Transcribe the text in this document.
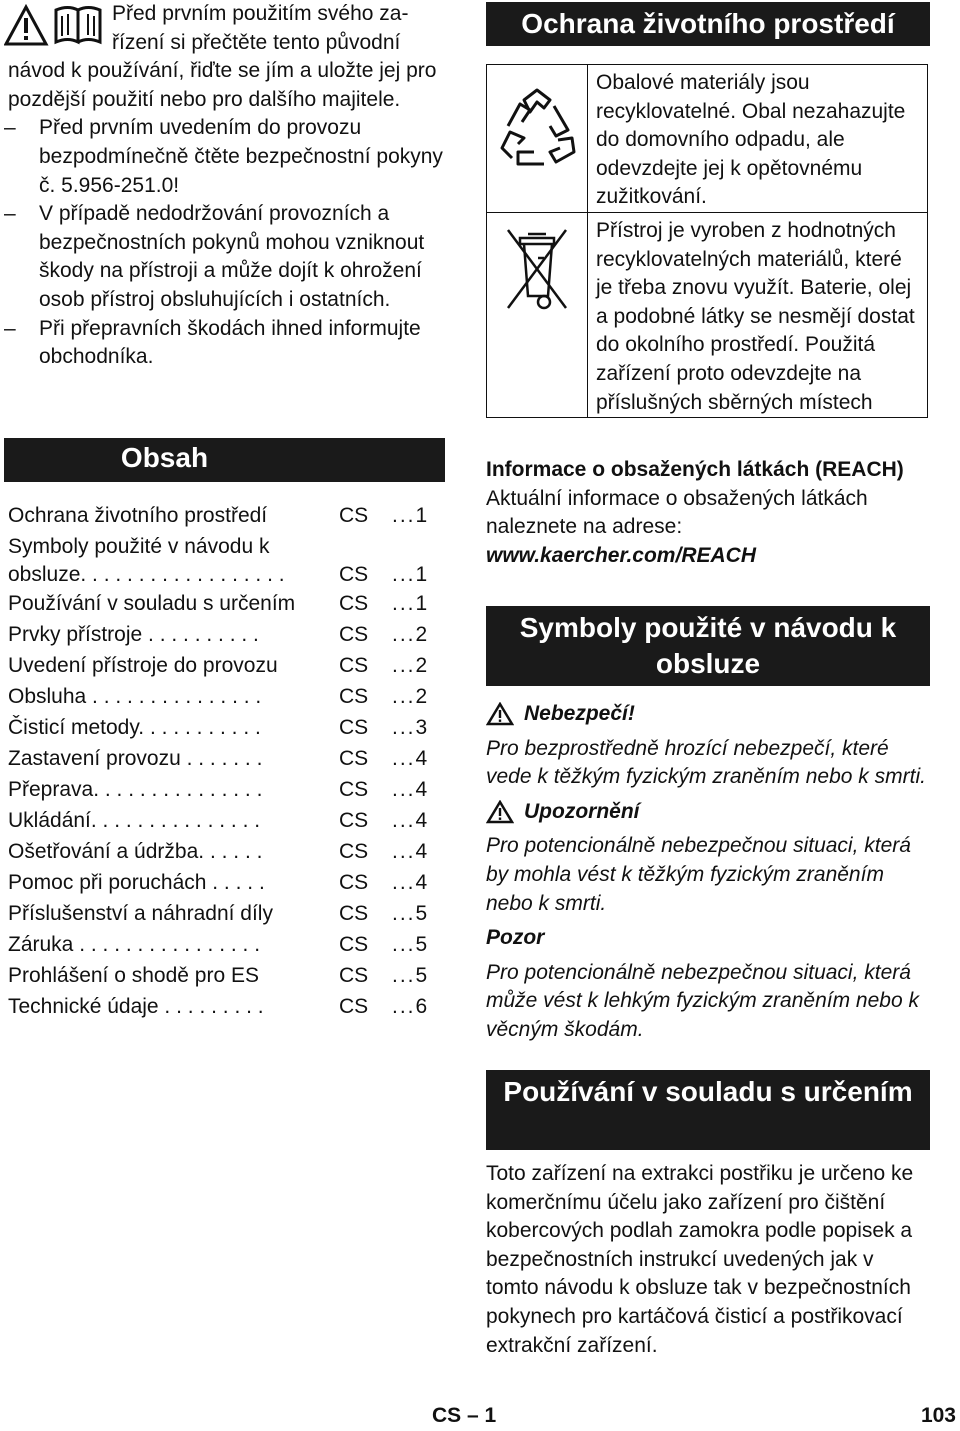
Před prvním použitím svého za-
řízení si přečtěte tento původní

návod k používání, řiďte se jím a uložte jej pro pozdější použití nebo pro dalšího majitele.

– Před prvním uvedením do provozu bezpodmínečně čtěte bezpečnostní pokyny č. 5.956-251.0!
– V případě nedodržování provozních a bezpečnostních pokynů mohou vzniknout škody na přístroji a může dojít k ohrožení osob přístroj obsluhujících i ostatních.
– Při přepravních škodách ihned informujte obchodníka.
Obsah
Ochrana životního prostředí	CS ...1
Symboly použité v návodu k obsluze. . . . . . . . . . . . . . . . . .	CS ...1
Používání v souladu s určením CS ...1
Prvky přístroje . . . . . . . . . .	CS ...2
Uvedení přístroje do provozu	CS ...2
Obsluha . . . . . . . . . . . . . . .	CS ...2
Čisticí metody. . . . . . . . . . .	CS ...3
Zastavení provozu . . . . . . .	CS ...4
Přeprava. . . . . . . . . . . . . . .	CS ...4
Ukládání. . . . . . . . . . . . . . .	CS ...4
Ošetřování a údržba. . . . . .	CS ...4
Pomoc při poruchách . . . . .	CS ...4
Příslušenství a náhradní díly	CS ...5
Záruka . . . . . . . . . . . . . . . .	CS ...5
Prohlášení o shodě pro ES	CS ...5
Technické údaje . . . . . . . . .	CS ...6
Ochrana životního prostředí
	Obalové materiály jsou recyklovatelné. Obal nezahazujte do domovního odpadu, ale odevzdejte jej k opětovnému zužitkování.
	Přístroj je vyroben z hodnotných recyklovatelných materiálů, které je třeba znovu využít. Baterie, olej a podobné látky se nesmějí dostat do okolního prostředí. Použitá zařízení proto odevzdejte na příslušných sběrných místech
Informace o obsažených látkách (REACH)
Aktuální informace o obsažených látkách naleznete na adrese:
www.kaercher.com/REACH
Symboly použité v návodu k obsluze
Nebezpečí!

Pro bezprostředně hrozící nebezpečí, které vede k těžkým fyzickým zraněním nebo k smrti.

Upozornění

Pro potencionálně nebezpečnou situaci, která by mohla vést k těžkým fyzickým zraněním nebo k smrti.

Pozor

Pro potencionálně nebezpečnou situaci, která může vést k lehkým fyzickým zraněním nebo k věcným škodám.

Používání v souladu s určením

Toto zařízení na extrakci postřiku je určeno ke komerčnímu účelu jako zařízení pro čištění kobercových podlah zamokra podle popisek a bezpečnostních instrukcí uvedených jak v tomto návodu k obsluze tak v bezpečnostních pokynech pro kartáčová čisticí a postřikovací extrakční zařízení.

CS – 1	103
